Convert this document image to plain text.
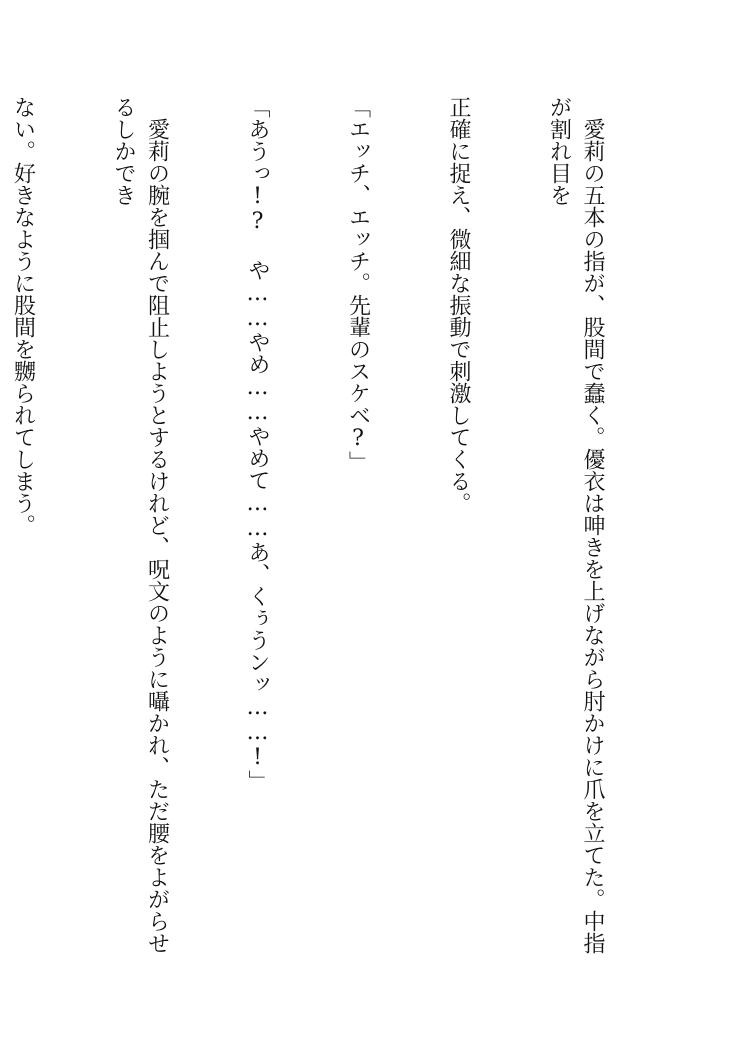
　愛莉の五本の指が、股間で蠢く。優衣は呻きを上げながら肘かけに爪を立てた。中指が割れ目を

正確に捉え、微細な振動で刺激してくる。

「エッチ、エッチ。先輩のスケベ?」

「あうっ!? や……やめ……やめて……あ、くぅうンッ……!」

　愛莉の腕を掴んで阻止しようとするけれど、呪文のように囁かれ、ただ腰をよがらせるしかでき

ない。好きなように股間を嬲られてしまう。
